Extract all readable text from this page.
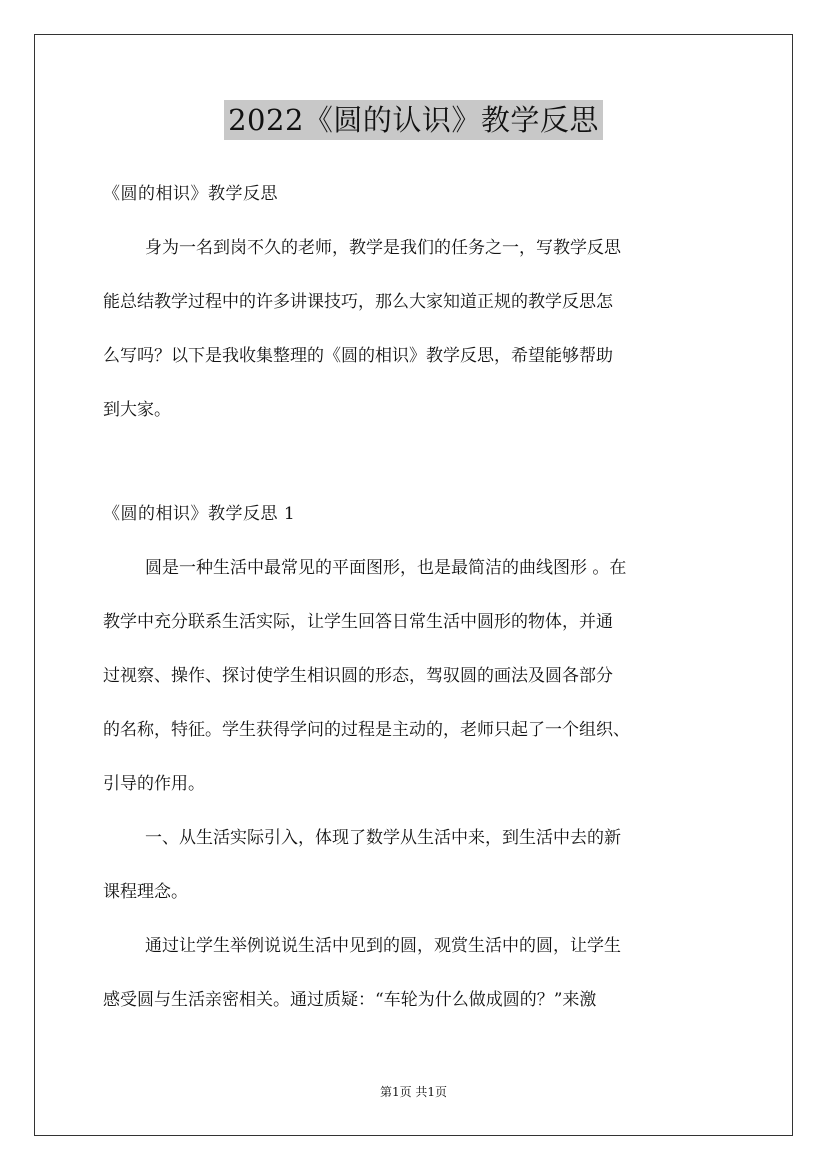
2022《圆的认识》教学反思
《圆的相识》教学反思
身为一名到岗不久的老师，教学是我们的任务之一，写教学反思
能总结教学过程中的许多讲课技巧，那么大家知道正规的教学反思怎
么写吗？以下是我收集整理的《圆的相识》教学反思，希望能够帮助
到大家。
《圆的相识》教学反思 1
圆是一种生活中最常见的平面图形，也是最简洁的曲线图形 。在
教学中充分联系生活实际，让学生回答日常生活中圆形的物体，并通
过视察、操作、探讨使学生相识圆的形态，驾驭圆的画法及圆各部分
的名称，特征。学生获得学问的过程是主动的，老师只起了一个组织、
引导的作用。
一、从生活实际引入，体现了数学从生活中来，到生活中去的新
课程理念。
通过让学生举例说说生活中见到的圆，观赏生活中的圆，让学生
感受圆与生活亲密相关。通过质疑：“车轮为什么做成圆的？”来激
第1页 共1页
